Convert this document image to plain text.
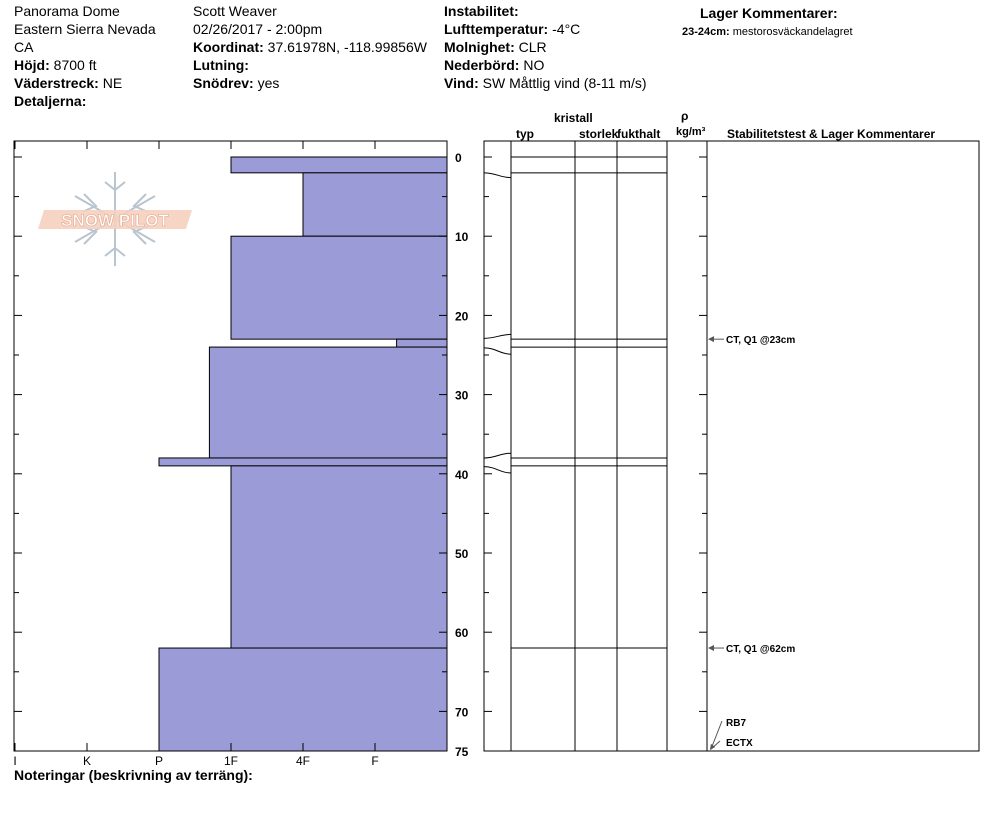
Panorama Dome
Eastern Sierra Nevada
CA
Höjd: 8700 ft
Väderstreck: NE
Detaljerna:
Scott Weaver
02/26/2017 - 2:00pm
Koordinat: 37.61978N, -118.99856W
Lutning:
Snödrev: yes
Instabilitet:
Lufttemperatur: -4°C
Molnighet: CLR
Nederbörd: NO
Vind: SW Måttlig vind (8-11 m/s)
Lager Kommentarer:
23-24cm: mestorosväckandelagret
kristall
typ	storlek
fukthalt
ρ
kg/m³ Stabilitetstest & Lager Kommentarer
Noteringar (beskrivning av terräng):
SNOW PILOT
0
10
20
30
40
50
60
70
75
I	K	P	1F	4F	F
CT, Q1 @23cm
CT, Q1 @62cm
RB7
ECTX
